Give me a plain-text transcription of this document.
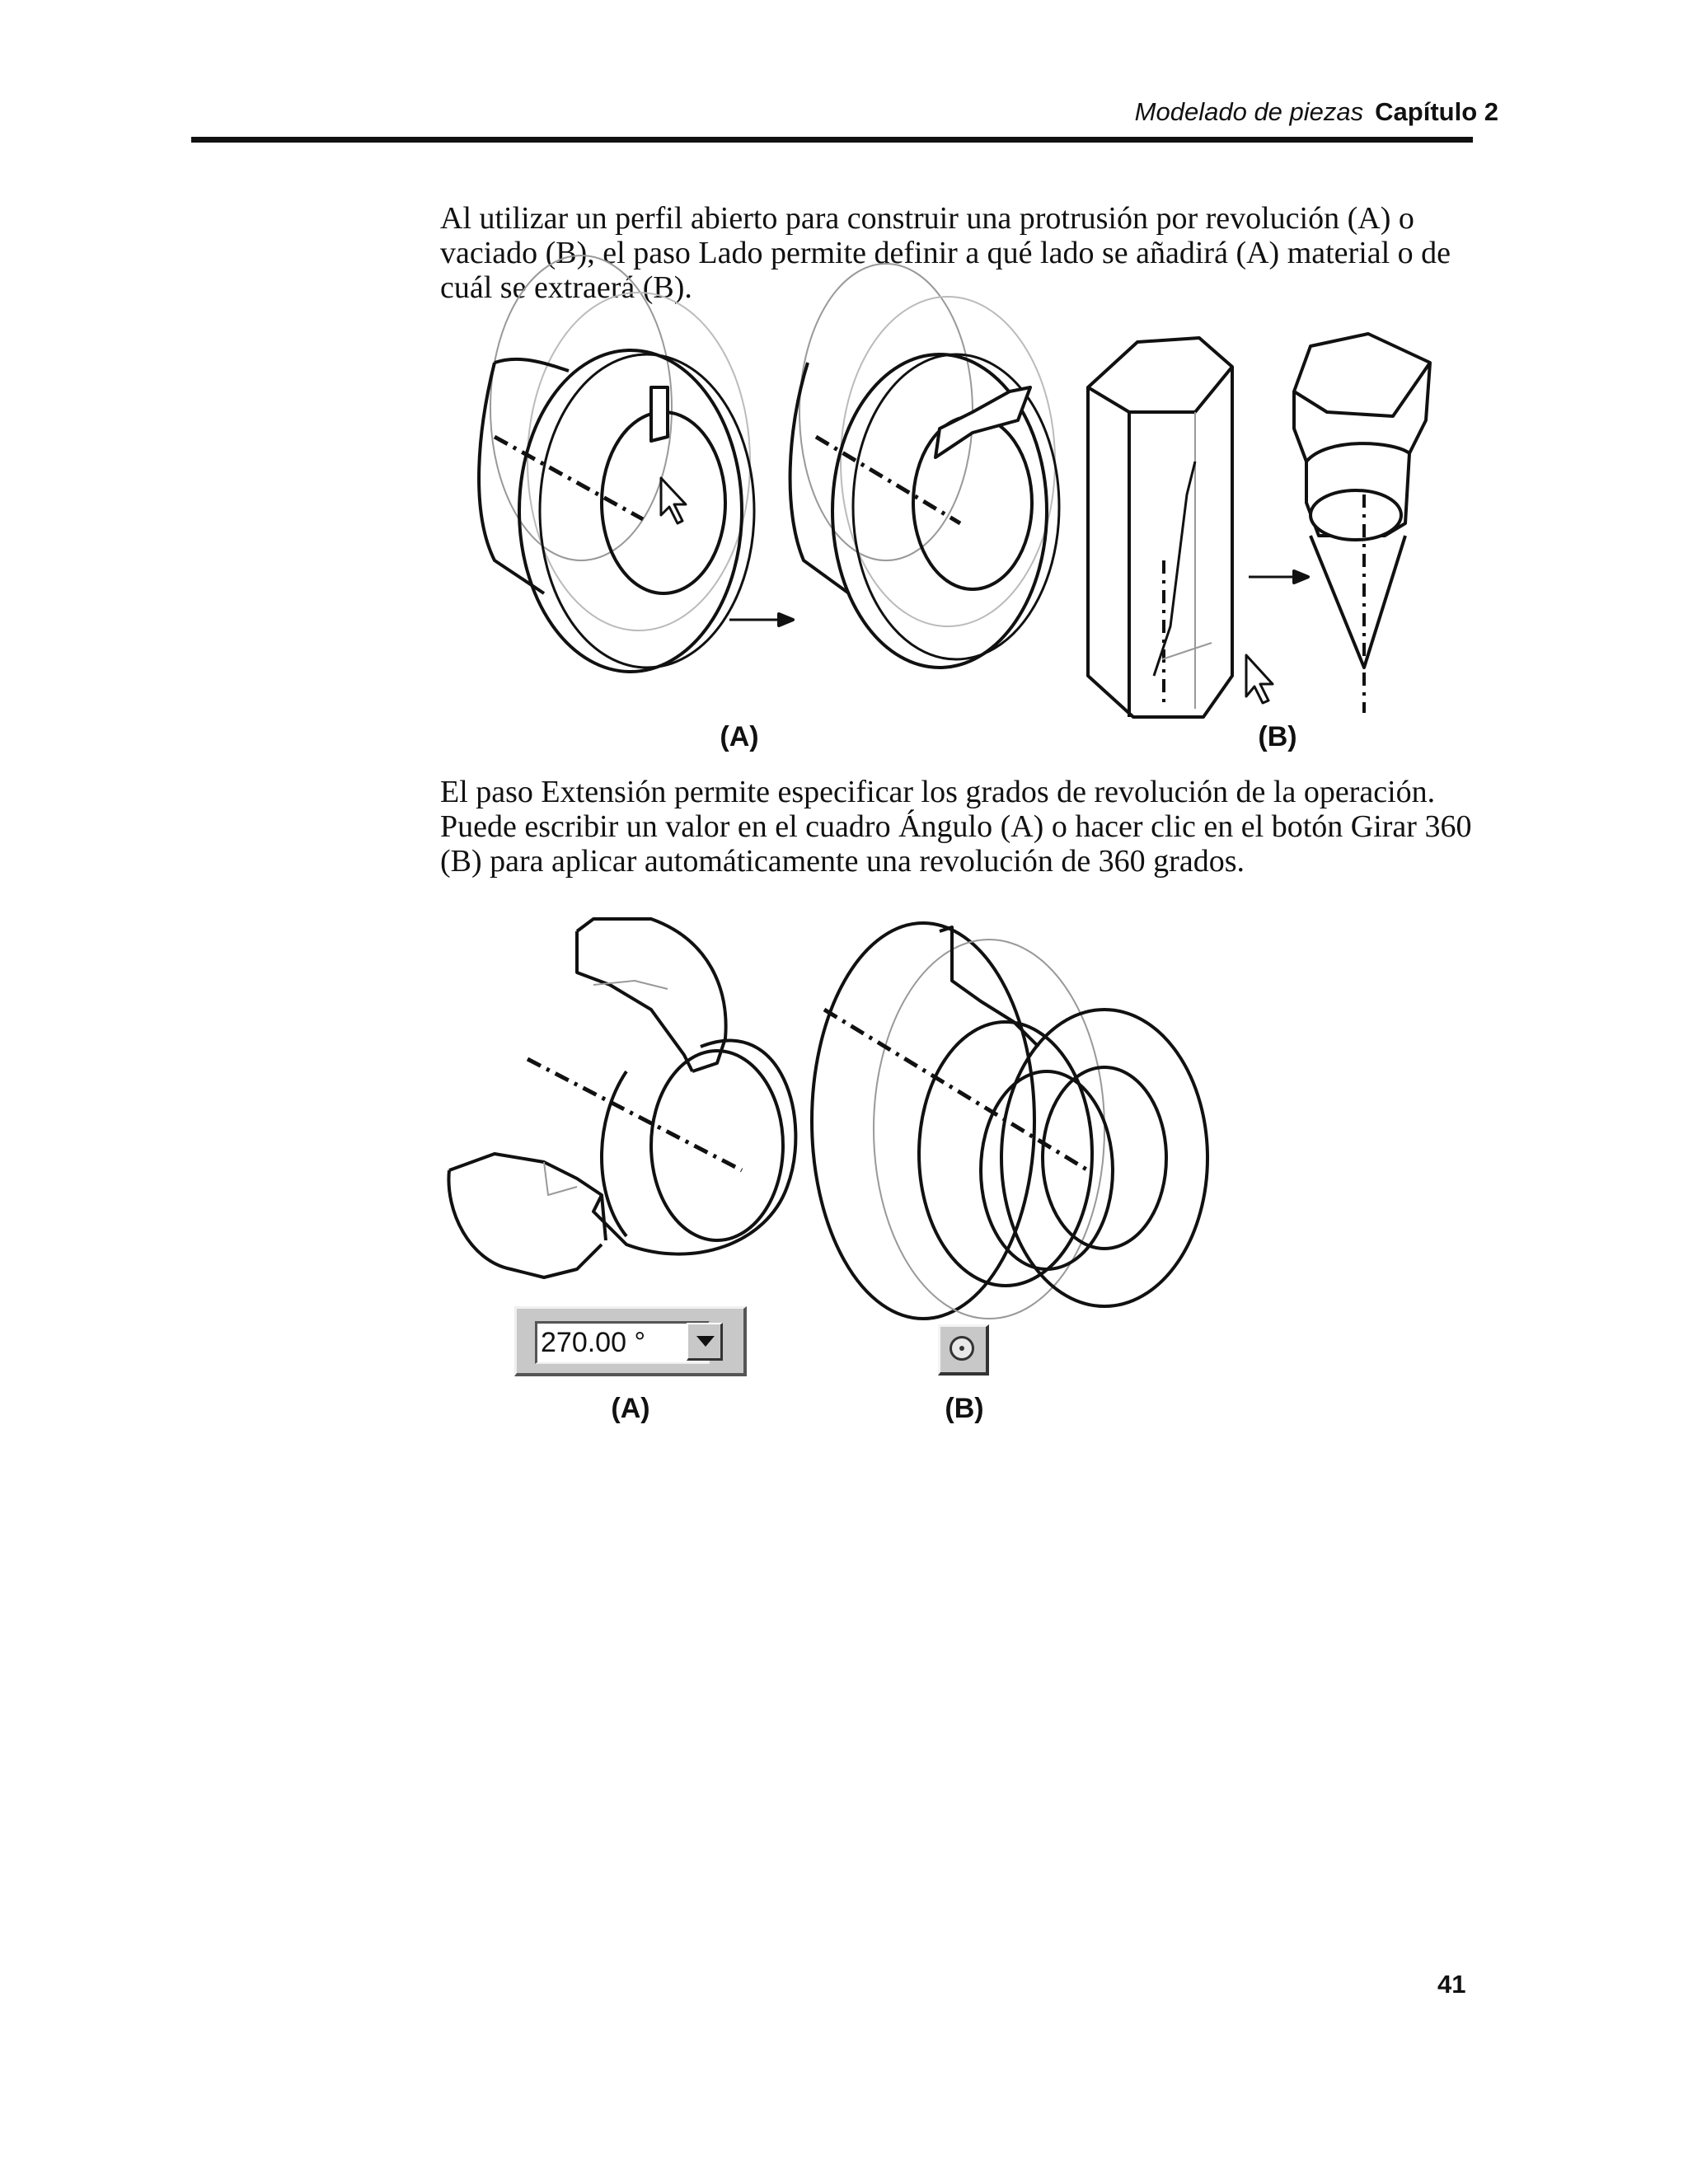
Modelado de piezas Capítulo 2
Al utilizar un perfil abierto para construir una protrusión por revolución (A) o
vaciado (B), el paso Lado permite definir a qué lado se añadirá (A) material o de
cuál se extraerá (B).
(A)	(B)
(A)	(B)
El paso Extensión permite especificar los grados de revolución de la operación.
Puede escribir un valor en el cuadro Ángulo (A) o hacer clic en el botón Girar 360
(B) para aplicar automáticamente una revolución de 360 grados.
270.00 °
41
